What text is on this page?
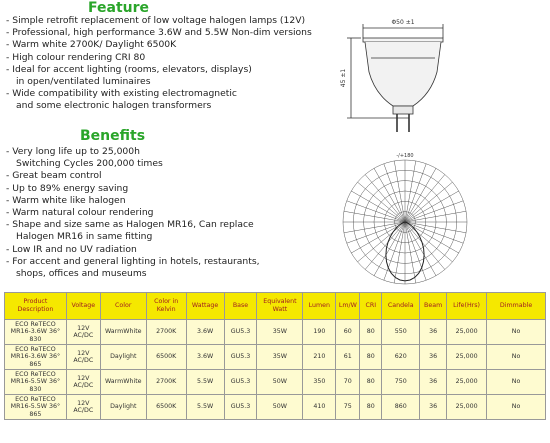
Feature
- Simple retrofit replacement of low voltage halogen lamps (12V)
- Professional, high performance 3.6W and 5.5W Non-dim versions
- Warm white 2700K/ Daylight 6500K
- High colour rendering CRI 80
- Ideal for accent lighting (rooms, elevators, displays)
in open/ventilated luminaires
- Wide compatibility with existing electromagnetic
and some electronic halogen transformers
Benefits
- Very long life up to 25,000h
Switching Cycles 200,000 times
- Great beam control
- Up to 89% energy saving
- Warm white like halogen
- Warm natural colour rendering
- Shape and size same as Halogen MR16, Can replace
Halogen MR16 in same fitting
- Low IR and no UV radiation
- For accent and general lighting in hotels, restaurants,
shops, offices and museums
Φ50 ±1
45 ±1
-/+180
Product Description	Voltage	Color	Color in Kelvin	Wattage	Base	Equivalent Watt	Lumen	Lm/W	CRI	Candela	Beam	Life(Hrs)	Dimmable
ECO ReTECO MR16-3.6W 36° 830	12V AC/DC	WarmWhite	2700K	3.6W	GU5.3	35W	190	60	80	550	36	25,000	No
ECO ReTECO MR16-3.6W 36° 865	12V AC/DC	Daylight	6500K	3.6W	GU5.3	35W	210	61	80	620	36	25,000	No
ECO ReTECO MR16-5.5W 36° 830	12V AC/DC	WarmWhite	2700K	5.5W	GU5.3	50W	350	70	80	750	36	25,000	No
ECO ReTECO MR16-5.5W 36° 865	12V AC/DC	Daylight	6500K	5.5W	GU5.3	50W	410	75	80	860	36	25,000	No
